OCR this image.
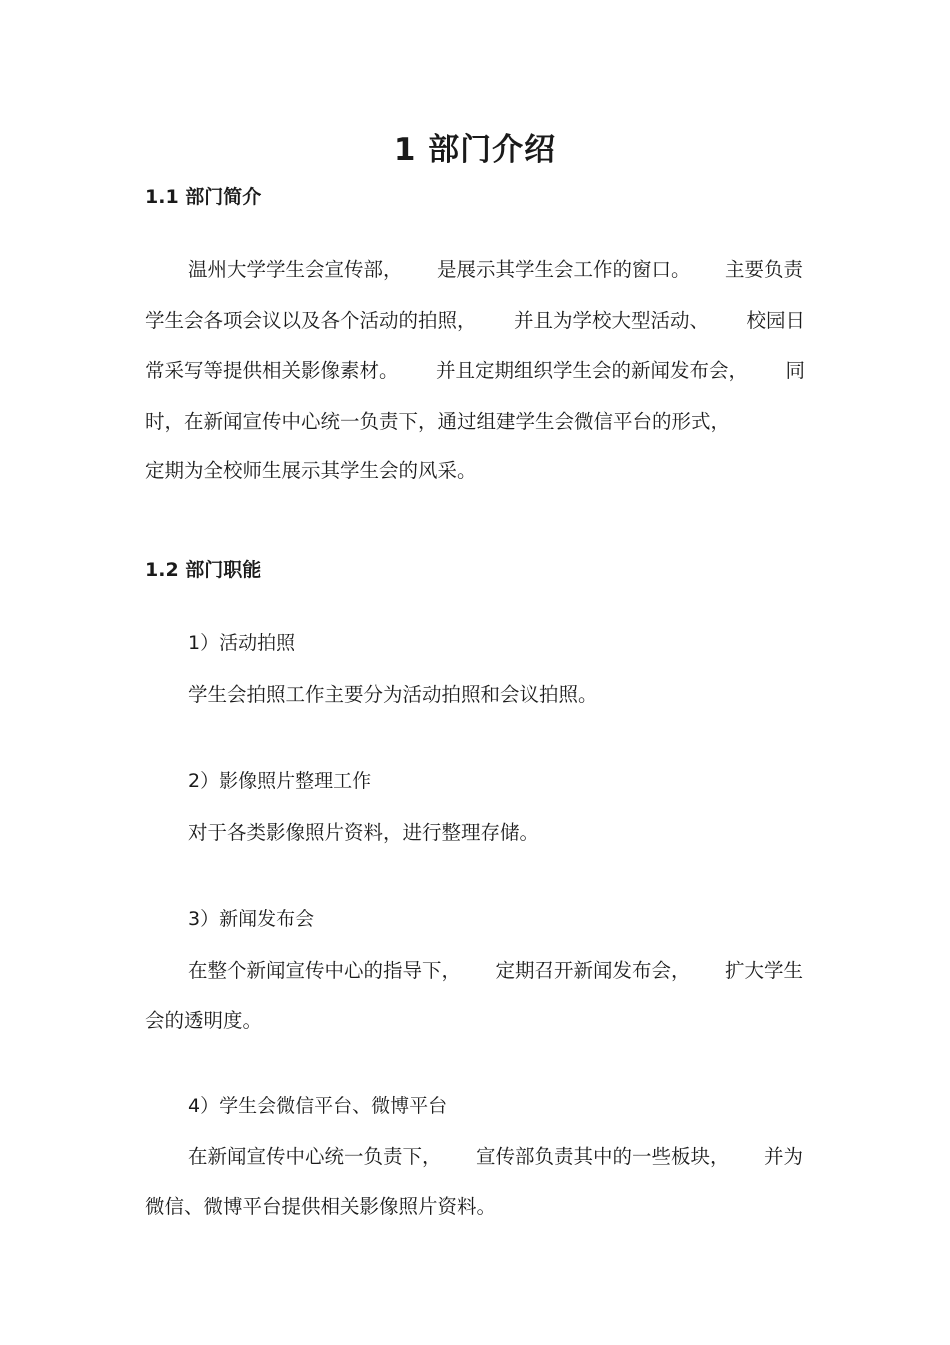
1 部门介绍
1.1 部门简介
温州大学学生会宣传部， 是展示其学生会工作的窗口。 主要负责
学生会各项会议以及各个活动的拍照， 并且为学校大型活动、 校园日
常采写等提供相关影像素材。 并且定期组织学生会的新闻发布会， 同

时，在新闻宣传中心统一负责下，通过组建学生会微信平台的形式，

定期为全校师生展示其学生会的风采。

1.2 部门职能

1）活动拍照

学生会拍照工作主要分为活动拍照和会议拍照。

2）影像照片整理工作

对于各类影像照片资料，进行整理存储。

3）新闻发布会

在整个新闻宣传中心的指导下， 定期召开新闻发布会， 扩大学生

会的透明度。

4）学生会微信平台、微博平台

在新闻宣传中心统一负责下， 宣传部负责其中的一些板块， 并为

微信、微博平台提供相关影像照片资料。
